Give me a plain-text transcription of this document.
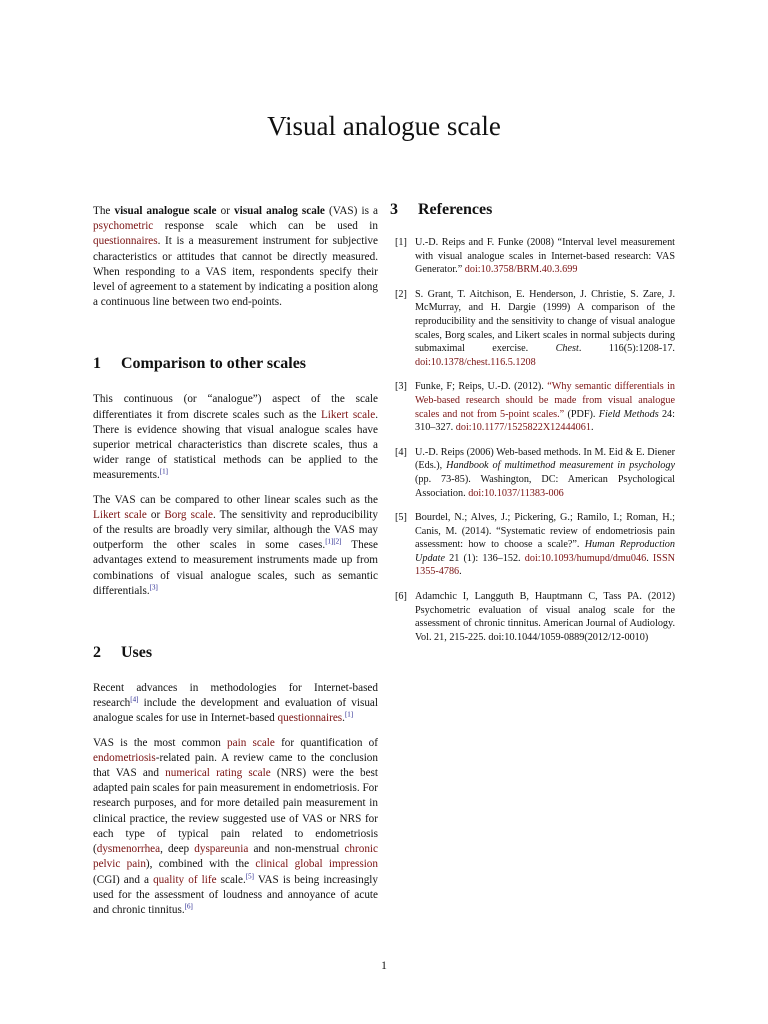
Visual analogue scale

The visual analogue scale or visual analog scale (VAS) is a psychometric response scale which can be used in questionnaires. It is a measurement instrument for subjective characteristics or attitudes that cannot be directly measured. When responding to a VAS item, respondents specify their level of agreement to a statement by indicating a position along a continuous line between two end-points.

1 Comparison to other scales

This continuous (or “analogue”) aspect of the scale differentiates it from discrete scales such as the Likert scale. There is evidence showing that visual analogue scales have superior metrical characteristics than discrete scales, thus a wider range of statistical methods can be applied to the measurements.[1]

The VAS can be compared to other linear scales such as the Likert scale or Borg scale. The sensitivity and reproducibility of the results are broadly very similar, although the VAS may outperform the other scales in some cases.[1][2] These advantages extend to measurement instruments made up from combinations of visual analogue scales, such as semantic differentials.[3]

2 Uses

Recent advances in methodologies for Internet-based research[4] include the development and evaluation of visual analogue scales for use in Internet-based questionnaires.[1]

VAS is the most common pain scale for quantification of endometriosis-related pain. A review came to the conclusion that VAS and numerical rating scale (NRS) were the best adapted pain scales for pain measurement in endometriosis. For research purposes, and for more detailed pain measurement in clinical practice, the review suggested use of VAS or NRS for each type of typical pain related to endometriosis (dysmenorrhea, deep dyspareunia and non-menstrual chronic pelvic pain), combined with the clinical global impression (CGI) and a quality of life scale.[5] VAS is being increasingly used for the assessment of loudness and annoyance of acute and chronic tinnitus.[6]

3 References
[1] U.-D. Reips and F. Funke (2008) “Interval level measurement with visual analogue scales in Internet-based research: VAS Generator.” doi:10.3758/BRM.40.3.699
[2] S. Grant, T. Aitchison, E. Henderson, J. Christie, S. Zare, J. McMurray, and H. Dargie (1999) A comparison of the reproducibility and the sensitivity to change of visual analogue scales, Borg scales, and Likert scales in normal subjects during submaximal exercise. Chest. 116(5):1208-17. doi:10.1378/chest.116.5.1208
[3] Funke, F; Reips, U.-D. (2012). “Why semantic differentials in Web-based research should be made from visual analogue scales and not from 5-point scales.” (PDF). Field Methods 24: 310–327. doi:10.1177/1525822X12444061.
[4] U.-D. Reips (2006) Web-based methods. In M. Eid & E. Diener (Eds.), Handbook of multimethod measurement in psychology (pp. 73-85). Washington, DC: American Psychological Association. doi:10.1037/11383-006
[5] Bourdel, N.; Alves, J.; Pickering, G.; Ramilo, I.; Roman, H.; Canis, M. (2014). “Systematic review of endometriosis pain assessment: how to choose a scale?”. Human Reproduction Update 21 (1): 136–152. doi:10.1093/humupd/dmu046. ISSN 1355-4786.
[6] Adamchic I, Langguth B, Hauptmann C, Tass PA. (2012) Psychometric evaluation of visual analog scale for the assessment of chronic tinnitus. American Journal of Audiology. Vol. 21, 215-225. doi:10.1044/1059-0889(2012/12-0010)
1
